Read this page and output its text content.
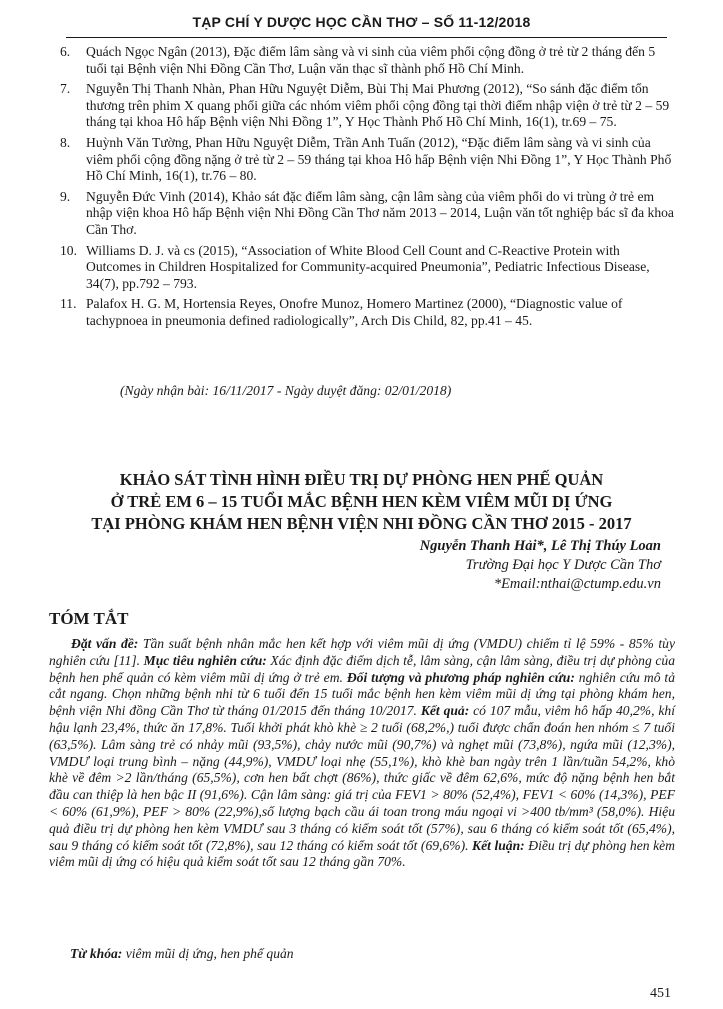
TẠP CHÍ Y DƯỢC HỌC CẦN THƠ – SỐ 11-12/2018
6.	Quách Ngọc Ngân (2013), Đặc điểm lâm sàng và vi sinh của viêm phổi cộng đồng ở trẻ từ 2 tháng đến 5 tuổi tại Bệnh viện Nhi Đồng Cần Thơ, Luận văn thạc sĩ thành phố Hồ Chí Minh.
7.	Nguyễn Thị Thanh Nhàn, Phan Hữu Nguyệt Diễm, Bùi Thị Mai Phương (2012), “So sánh đặc điểm tổn thương trên phim X quang phổi giữa các nhóm viêm phổi cộng đồng tại thời điểm nhập viện ở trẻ từ 2 – 59 tháng tại khoa Hô hấp Bệnh viện Nhi Đồng 1”, Y Học Thành Phố Hồ Chí Minh, 16(1), tr.69 – 75.
8.	Huỳnh Văn Tường, Phan Hữu Nguyệt Diễm, Trần Anh Tuấn (2012), “Đặc điểm lâm sàng và vi sinh của viêm phổi cộng đồng nặng ở trẻ từ 2 – 59 tháng tại khoa Hô hấp Bệnh viện Nhi Đồng 1”, Y Học Thành Phố Hồ Chí Minh, 16(1), tr.76 – 80.
9.	Nguyễn Đức Vinh (2014), Khảo sát đặc điểm lâm sàng, cận lâm sàng của viêm phổi do vi trùng ở trẻ em nhập viện khoa Hô hấp Bệnh viện Nhi Đồng Cần Thơ năm 2013 – 2014, Luận văn tốt nghiệp bác sĩ đa khoa Cần Thơ.
10. Williams D. J. và cs (2015), “Association of White Blood Cell Count and C-Reactive Protein with Outcomes in Children Hospitalized for Community-acquired Pneumonia”, Pediatric Infectious Disease, 34(7), pp.792 – 793.
11. Palafox H. G. M, Hortensia Reyes, Onofre Munoz, Homero Martinez (2000), “Diagnostic value of tachypnoea in pneumonia defined radiologically”, Arch Dis Child, 82, pp.41 – 45.
(Ngày nhận bài: 16/11/2017 - Ngày duyệt đăng: 02/01/2018)
KHẢO SÁT TÌNH HÌNH ĐIỀU TRỊ DỰ PHÒNG HEN PHẾ QUẢN
Ở TRẺ EM 6 – 15 TUỔI MẮC BỆNH HEN KÈM VIÊM MŨI DỊ ỨNG
TẠI PHÒNG KHÁM HEN BỆNH VIỆN NHI ĐỒNG CẦN THƠ 2015 - 2017
Nguyễn Thanh Hải*, Lê Thị Thúy Loan
Trường Đại học Y Dược Cần Thơ
*Email:nthai@ctump.edu.vn
TÓM TẮT
Đặt vấn đề: Tần suất bệnh nhân mắc hen kết hợp với viêm mũi dị ứng (VMDU) chiếm tỉ lệ 59% - 85% tùy nghiên cứu [11]. Mục tiêu nghiên cứu: Xác định đặc điểm dịch tễ, lâm sàng, cận lâm sàng, điều trị dự phòng của bệnh hen phế quản có kèm viêm mũi dị ứng ở trẻ em. Đối tượng và phương pháp nghiên cứu: nghiên cứu mô tả cắt ngang. Chọn những bệnh nhi từ 6 tuổi đến 15 tuổi mắc bệnh hen kèm viêm mũi dị ứng tại phòng khám hen, bệnh viện Nhi đồng Cần Thơ từ tháng 01/2015 đến tháng 10/2017. Kết quả: có 107 mẫu, viêm hô hấp 40,2%, khí hậu lạnh 23,4%, thức ăn 17,8%. Tuổi khởi phát khò khè ≥ 2 tuổi (68,2%,) tuổi được chẩn đoán hen nhóm ≤ 7 tuổi (63,5%). Lâm sàng trẻ có nhảy mũi (93,5%), chảy nước mũi (90,7%) và nghẹt mũi (73,8%), ngứa mũi (12,3%), VMDƯ loại trung bình – nặng (44,9%), VMDƯ loại nhẹ (55,1%), khò khè ban ngày trên 1 lần/tuần 54,2%, khò khè về đêm >2 lần/tháng (65,5%), cơn hen bất chợt (86%), thức giấc về đêm 62,6%, mức độ nặng bệnh hen bắt đầu can thiệp là hen bậc II (91,6%). Cận lâm sàng: giá trị của FEV1 > 80% (52,4%), FEV1 < 60% (14,3%), PEF < 60% (61,9%), PEF > 80% (22,9%),số lượng bạch cầu ái toan trong máu ngoại vi >400 tb/mm³ (58,0%). Hiệu quả điều trị dự phòng hen kèm VMDƯ sau 3 tháng có kiểm soát tốt (57%), sau 6 tháng có kiểm soát tốt (65,4%), sau 9 tháng có kiểm soát tốt (72,8%), sau 12 tháng có kiểm soát tốt (69,6%). Kết luận: Điều trị dự phòng hen kèm viêm mũi dị ứng có hiệu quả kiểm soát tốt sau 12 tháng gần 70%.
Từ khóa: viêm mũi dị ứng, hen phế quản
451
